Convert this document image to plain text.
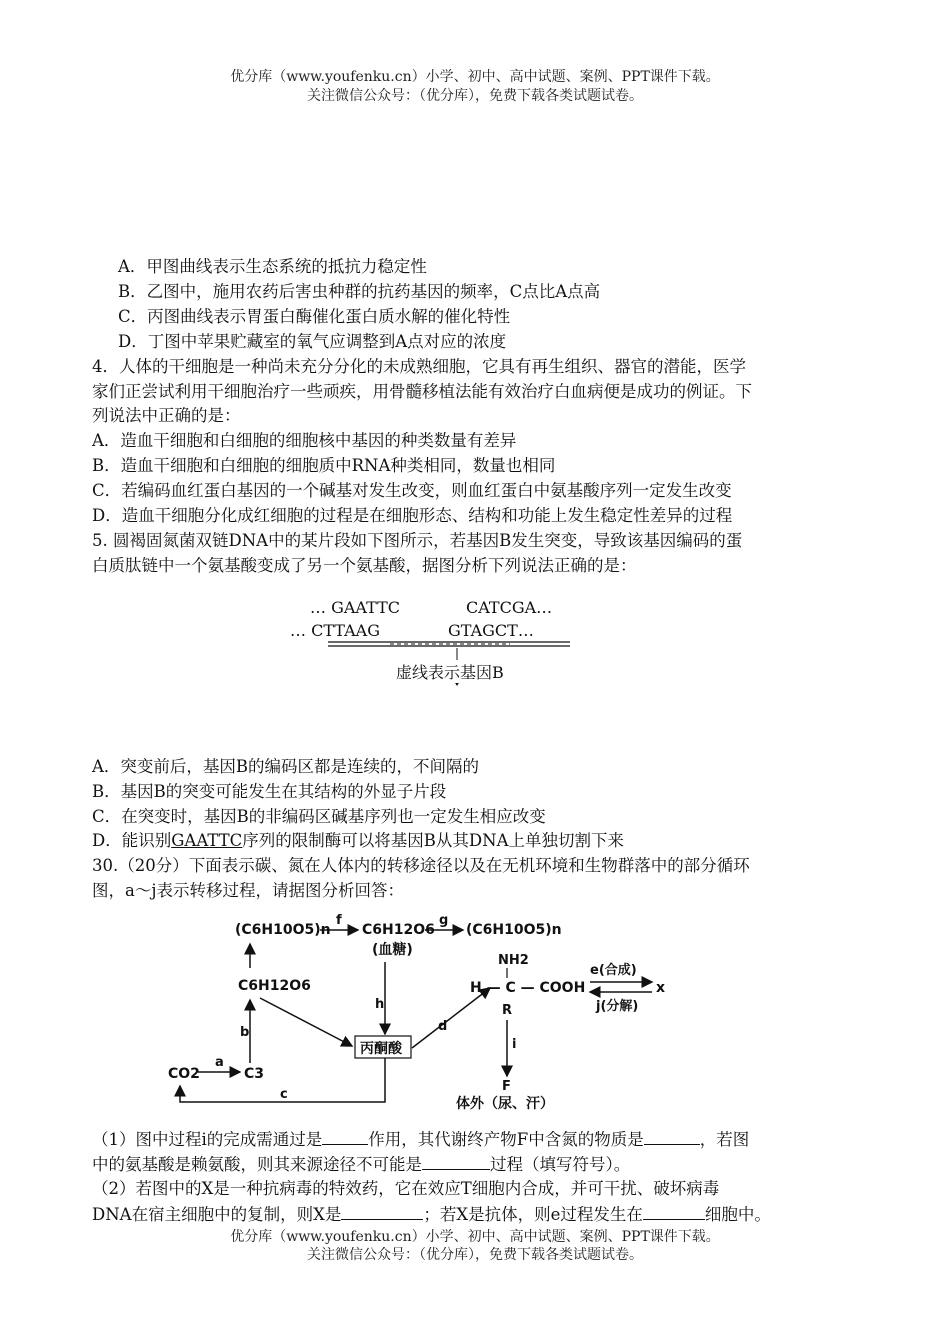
优分库（www.youfenku.cn）小学、初中、高中试题、案例、PPT课件下载。
关注微信公众号：（优分库），免费下载各类试题试卷。
A．甲图曲线表示生态系统的抵抗力稳定性
B．乙图中，施用农药后害虫种群的抗药基因的频率，C点比A点高
C．丙图曲线表示胃蛋白酶催化蛋白质水解的催化特性
D．丁图中苹果贮藏室的氧气应调整到A点对应的浓度
4．人体的干细胞是一种尚未充分分化的未成熟细胞，它具有再生组织、器官的潜能，医学
家们正尝试利用干细胞治疗一些顽疾，用骨髓移植法能有效治疗白血病便是成功的例证。下
列说法中正确的是：
A．造血干细胞和白细胞的细胞核中基因的种类数量有差异
B．造血干细胞和白细胞的细胞质中RNA种类相同，数量也相同
C．若编码血红蛋白基因的一个碱基对发生改变，则血红蛋白中氨基酸序列一定发生改变
D．造血干细胞分化成红细胞的过程是在细胞形态、结构和功能上发生稳定性差异的过程
5. 圆褐固氮菌双链DNA中的某片段如下图所示，若基因B发生突变，导致该基因编码的蛋
白质肽链中一个氨基酸变成了另一个氨基酸，据图分析下列说法正确的是：
… GAATTC	CATCGA…
… CTTAAG	GTAGCT…
虚线表示基因B
A．突变前后，基因B的编码区都是连续的，不间隔的
B．基因B的突变可能发生在其结构的外显子片段
C．在突变时，基因B的非编码区碱基序列也一定发生相应改变
D．能识别GAATTC序列的限制酶可以将基因B从其DNA上单独切割下来
30.（20分）下面表示碳、氮在人体内的转移途径以及在无机环境和生物群落中的部分循环
图，a～j表示转移过程，请据图分析回答：
(C6H10O5)n
f
C6H12O6
(血糖)
g
(C6H10O5)n
C6H12O6
b
h
丙酮酸
d
CO2
a
C3
c
NH2
H — C — COOH
R
e(合成)
j(分解)
x
i
F
体外（尿、汗）
（1）图中过程i的完成需通过是	作用，其代谢终产物F中含氮的物质是	，若图
中的氨基酸是赖氨酸，则其来源途径不可能是	过程（填写符号）。
（2）若图中的X是一种抗病毒的特效药，它在效应T细胞内合成，并可干扰、破坏病毒
DNA在宿主细胞中的复制，则X是	；若X是抗体，则e过程发生在	细胞中。
优分库（www.youfenku.cn）小学、初中、高中试题、案例、PPT课件下载。
关注微信公众号：（优分库），免费下载各类试题试卷。
